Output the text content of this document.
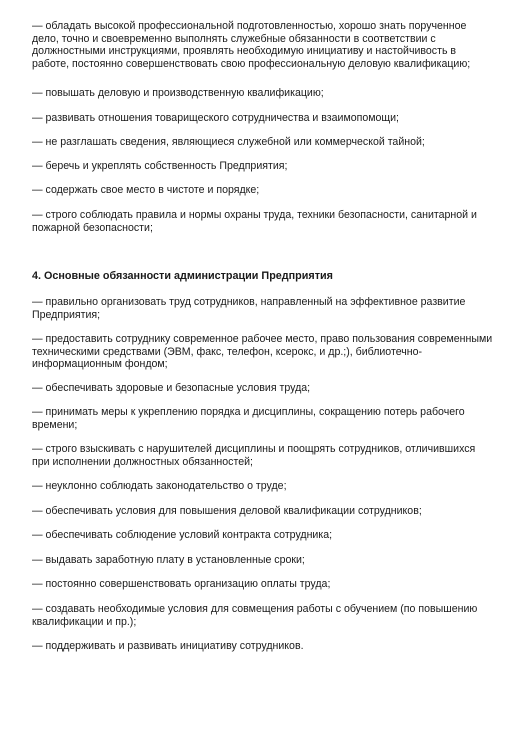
— обладать высокой профессиональной подготовленностью, хорошо знать порученное
дело, точно и своевременно выполнять служебные обязанности в соответствии с
должностными инструкциями, проявлять необходимую инициативу и настойчивость в
работе, постоянно совершенствовать свою профессиональную деловую квалификацию;
— повышать деловую и производственную квалификацию;
— развивать отношения товарищеского сотрудничества и взаимопомощи;
— не разглашать сведения, являющиеся служебной или коммерческой тайной;
— беречь и укреплять собственность Предприятия;
— содержать свое место в чистоте и порядке;
— строго соблюдать правила и нормы охраны труда, техники безопасности, санитарной и
пожарной безопасности;
4. Основные обязанности администрации Предприятия
— правильно организовать труд сотрудников, направленный на эффективное развитие
Предприятия;
— предоставить сотруднику современное рабочее место, право пользования современными
техническими средствами (ЭВМ, факс, телефон, ксерокс, и др.;), библиотечно-
информационным фондом;
— обеспечивать здоровые и безопасные условия труда;
— принимать меры к укреплению порядка и дисциплины, сокращению потерь рабочего
времени;
— строго взыскивать с нарушителей дисциплины и поощрять сотрудников, отличившихся
при исполнении должностных обязанностей;
— неуклонно соблюдать законодательство о труде;
— обеспечивать условия для повышения деловой квалификации сотрудников;
— обеспечивать соблюдение условий контракта сотрудника;
— выдавать заработную плату в установленные сроки;
— постоянно совершенствовать организацию оплаты труда;
— создавать необходимые условия для совмещения работы с обучением (по повышению
квалификации и пр.);
— поддерживать и развивать инициативу сотрудников.
